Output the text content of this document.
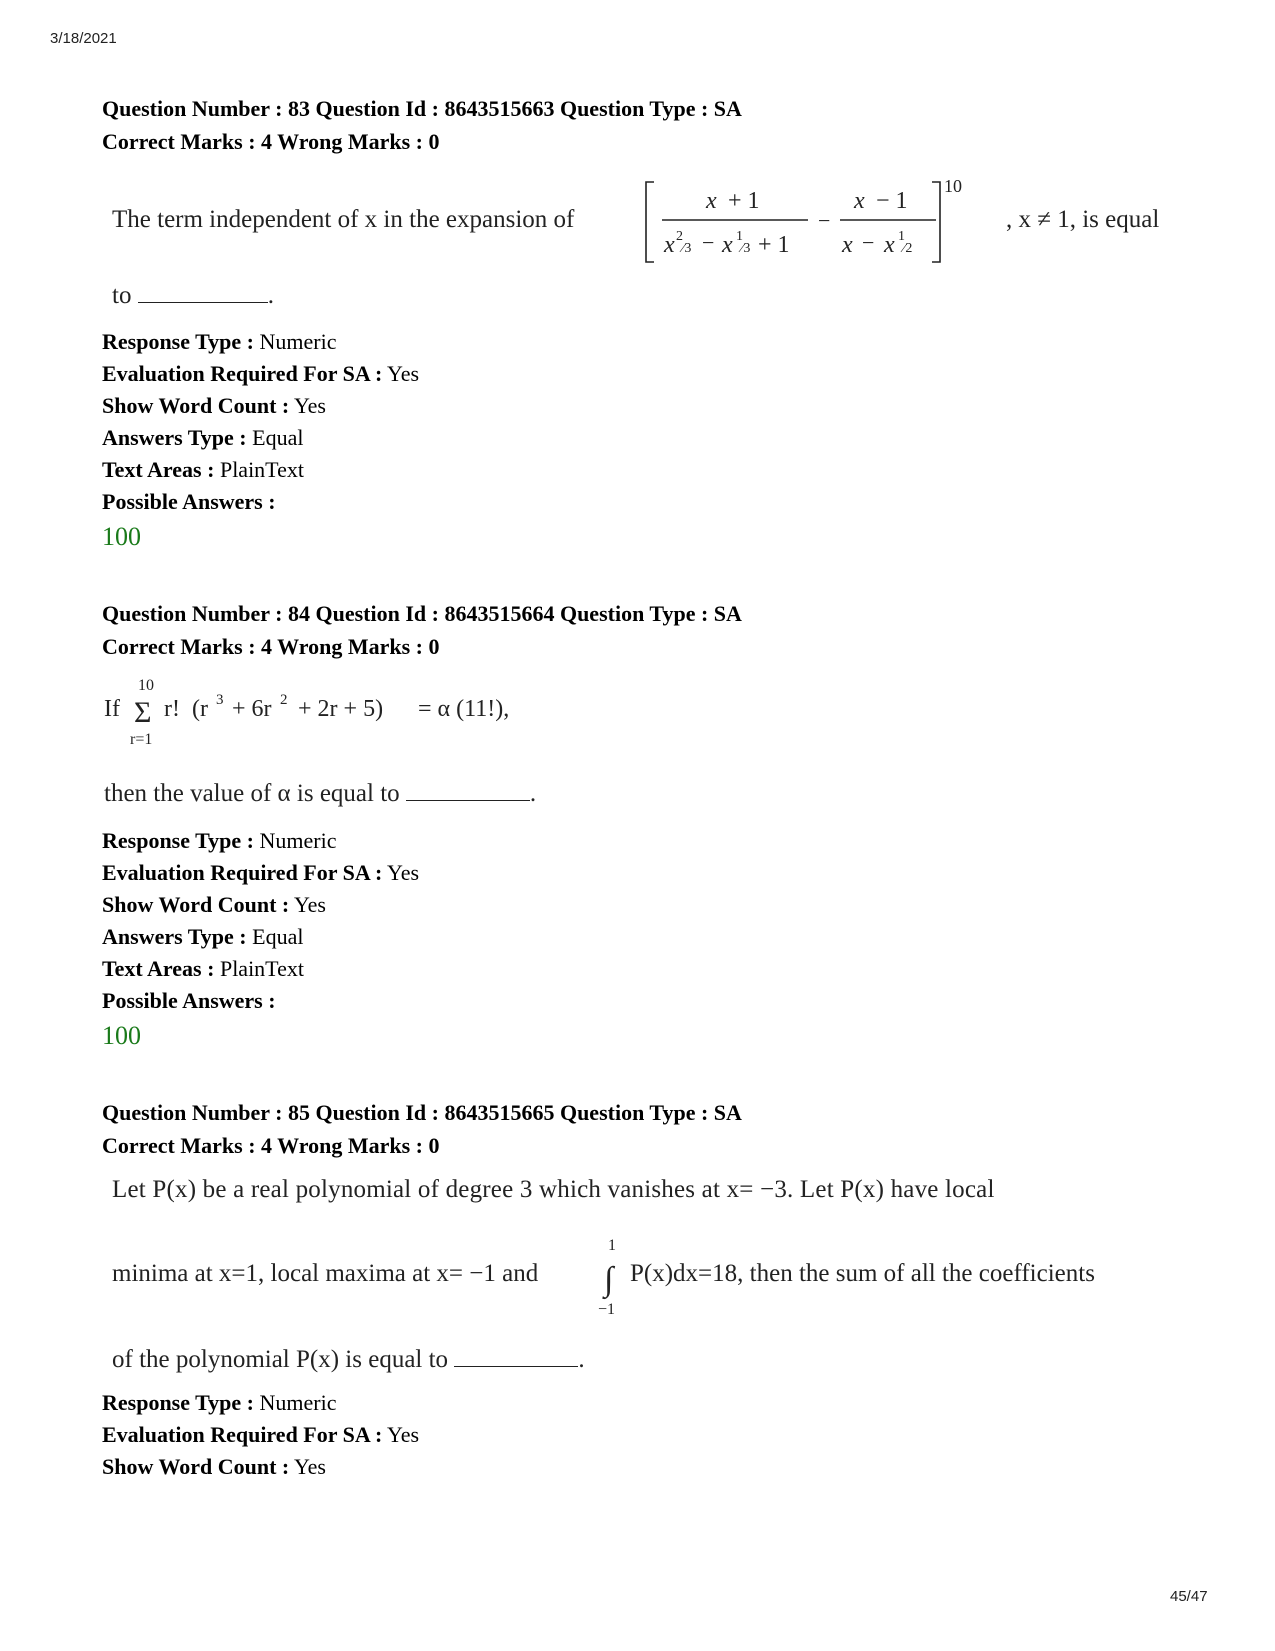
3/18/2021
45/47
Question Number : 83 Question Id : 8643515663 Question Type : SA
Correct Marks : 4 Wrong Marks : 0
The term independent of x in the expansion of
x + 1
x 2
⁄3 − x 1
⁄3 + 1
−
x − 1
x − x 1
⁄2
10
, x ≠ 1, is equal
to	.
Response Type : Numeric
Evaluation Required For SA : Yes
Show Word Count : Yes
Answers Type : Equal
Text Areas : PlainText
Possible Answers :
100
Question Number : 84 Question Id : 8643515664 Question Type : SA
Correct Marks : 4 Wrong Marks : 0
If
10
Σ
r=1
r! (r 3 + 6r 2 + 2r + 5) = α (11!),
then the value of α is equal to	.
Response Type : Numeric
Evaluation Required For SA : Yes
Show Word Count : Yes
Answers Type : Equal
Text Areas : PlainText
Possible Answers :
100
Question Number : 85 Question Id : 8643515665 Question Type : SA
Correct Marks : 4 Wrong Marks : 0
Let P(x) be a real polynomial of degree 3 which vanishes at x= −3. Let P(x) have local
minima at x=1, local maxima at x= −1 and
1
∫
−1
P(x)dx=18, then the sum of all the coefficients
of the polynomial P(x) is equal to	.
Response Type : Numeric
Evaluation Required For SA : Yes
Show Word Count : Yes
